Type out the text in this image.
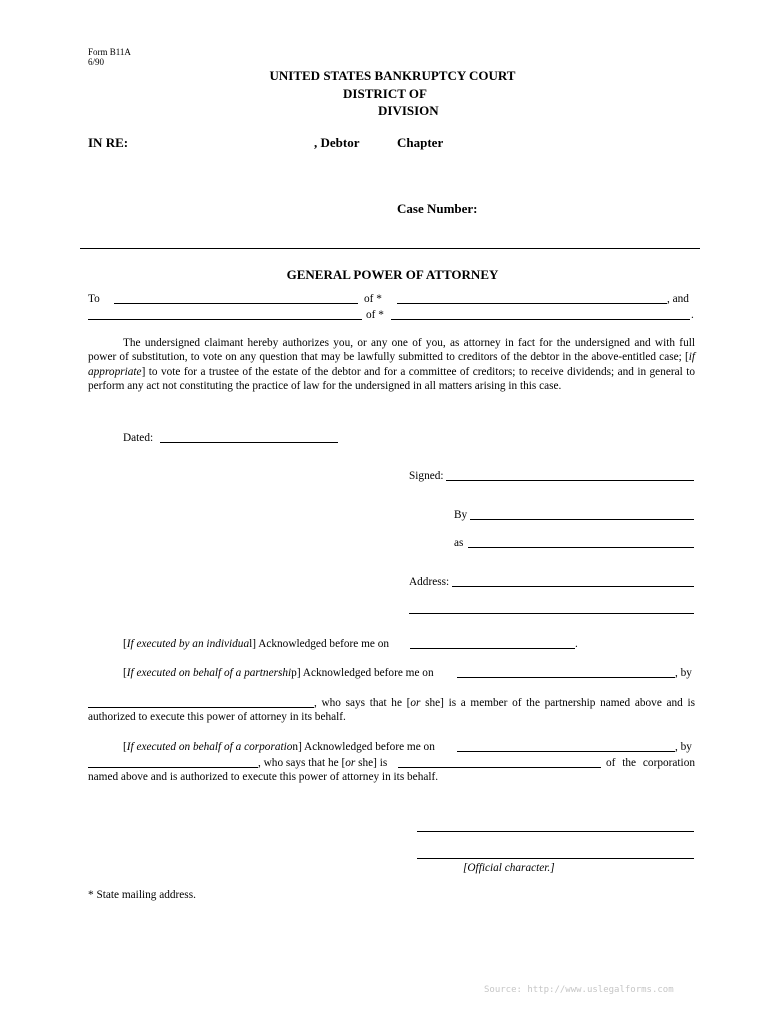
Form B11A
6/90
UNITED STATES BANKRUPTCY COURT
DISTRICT OF
DIVISION
IN RE:	, Debtor	Chapter
Case Number:
GENERAL POWER OF ATTORNEY
To	of *	, and
of *	.
The undersigned claimant hereby authorizes you, or any one of you, as attorney in fact for the undersigned and with full power of substitution, to vote on any question that may be lawfully submitted to creditors of the debtor in the above-entitled case; [if appropriate] to vote for a trustee of the estate of the debtor and for a committee of creditors; to receive dividends; and in general to perform any act not constituting the practice of law for the undersigned in all matters arising in this case.
Dated:
Signed:
By
as
Address:
[If executed by an individual] Acknowledged before me on	.
[If executed on behalf of a partnership] Acknowledged before me on	, by
, who says that he [or she] is a member of the partnership named above and is authorized to execute this power of attorney in its behalf.
[If executed on behalf of a corporation] Acknowledged before me on	, by
, who says that he [or she] is	of the corporation named above and is authorized to execute this power of attorney in its behalf.
[Official character.]
* State mailing address.
Source: http://www.uslegalforms.com
